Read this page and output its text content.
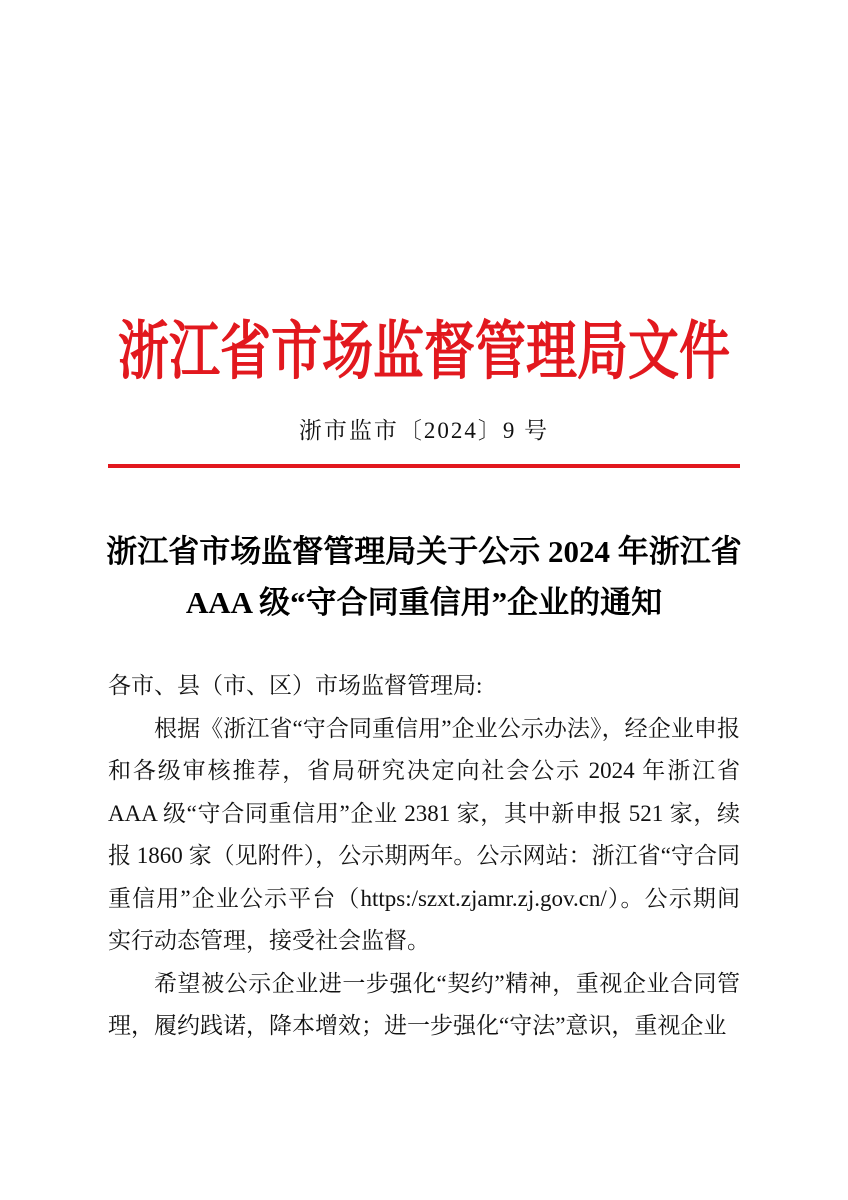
浙江省市场监督管理局文件
浙市监市〔2024〕9 号
浙江省市场监督管理局关于公示 2024 年浙江省
AAA 级“守合同重信用”企业的通知

各市、县（市、区）市场监督管理局:

根据《浙江省“守合同重信用”企业公示办法》，经企业申报和各级审核推荐，省局研究决定向社会公示 2024 年浙江省 AAA 级“守合同重信用”企业 2381 家，其中新申报 521 家，续报 1860 家（见附件），公示期两年。公示网站：浙江省“守合同重信用”企业公示平台（https:/szxt.zjamr.zj.gov.cn/）。公示期间实行动态管理，接受社会监督。

希望被公示企业进一步强化“契约”精神，重视企业合同管理，履约践诺，降本增效；进一步强化“守法”意识，重视企业
